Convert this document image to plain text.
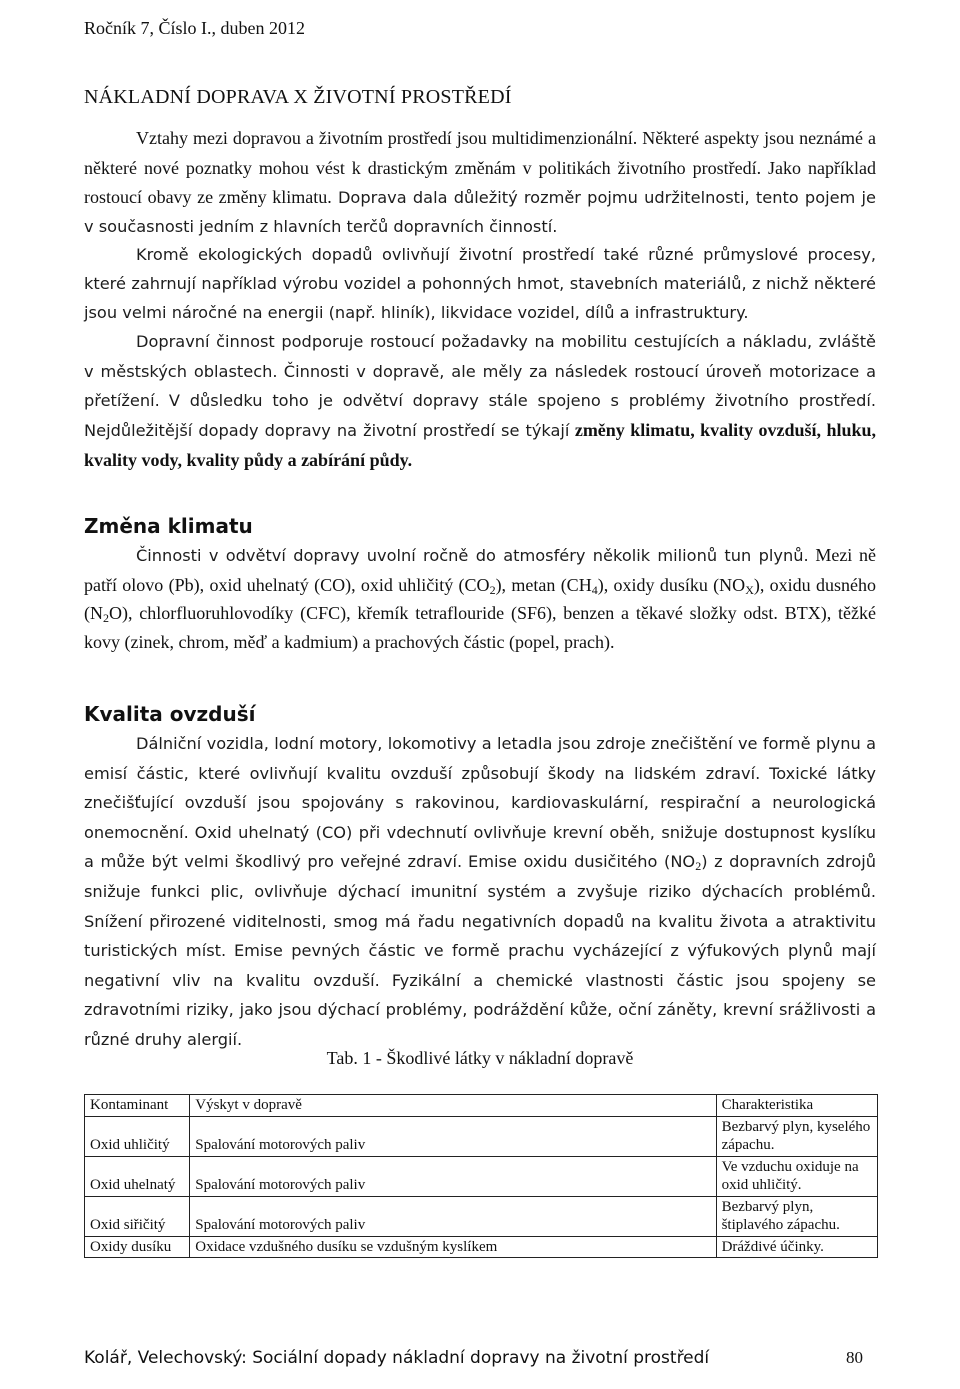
Ročník 7, Číslo I., duben 2012
NÁKLADNÍ DOPRAVA X ŽIVOTNÍ PROSTŘEDÍ

Vztahy mezi dopravou a životním prostředí jsou multidimenzionální. Některé aspekty jsou neznámé a některé nové poznatky mohou vést k drastickým změnám v politikách životního prostředí. Jako například rostoucí obavy ze změny klimatu. Doprava dala důležitý rozměr pojmu udržitelnosti, tento pojem je v současnosti jedním z hlavních terčů dopravních činností.

Kromě ekologických dopadů ovlivňují životní prostředí také různé průmyslové procesy, které zahrnují například výrobu vozidel a pohonných hmot, stavebních materiálů, z nichž některé jsou velmi náročné na energii (např. hliník), likvidace vozidel, dílů a infrastruktury.

Dopravní činnost podporuje rostoucí požadavky na mobilitu cestujících a nákladu, zvláště v městských oblastech. Činnosti v dopravě, ale měly za následek rostoucí úroveň motorizace a přetížení. V důsledku toho je odvětví dopravy stále spojeno s problémy životního prostředí. Nejdůležitější dopady dopravy na životní prostředí se týkají změny klimatu, kvality ovzduší, hluku, kvality vody, kvality půdy a zabírání půdy.

Změna klimatu

Činnosti v odvětví dopravy uvolní ročně do atmosféry několik milionů tun plynů. Mezi ně patří olovo (Pb), oxid uhelnatý (CO), oxid uhličitý $(CO_2)$, metan $(CH_4)$, oxidy dusíku $(NO_X)$, oxidu dusného $(N_2O)$, chlorfluoruhlovodíky (CFC), křemík tetraflouride (SF6), benzen a těkavé složky odst. BTX), těžké kovy (zinek, chrom, měď a kadmium) a prachových částic (popel, prach).

Kvalita ovzduší

Dálniční vozidla, lodní motory, lokomotivy a letadla jsou zdroje znečištění ve formě plynu a emisí částic, které ovlivňují kvalitu ovzduší způsobují škody na lidském zdraví. Toxické látky znečišťující ovzduší jsou spojovány s rakovinou, kardiovaskulární, respirační a neurologická onemocnění. Oxid uhelnatý (CO) při vdechnutí ovlivňuje krevní oběh, snižuje dostupnost kyslíku a může být velmi škodlivý pro veřejné zdraví. Emise oxidu dusičitého $(NO_2)$ z dopravních zdrojů snižuje funkci plic, ovlivňuje dýchací imunitní systém a zvyšuje riziko dýchacích problémů. Snížení přirozené viditelnosti, smog má řadu negativních dopadů na kvalitu života a atraktivitu turistických míst. Emise pevných částic ve formě prachu vycházející z výfukových plynů mají negativní vliv na kvalitu ovzduší. Fyzikální a chemické vlastnosti částic jsou spojeny se zdravotními riziky, jako jsou dýchací problémy, podráždění kůže, oční záněty, krevní srážlivosti a různé druhy alergií.

Tab. 1 - Škodlivé látky v nákladní dopravě
Kontaminant	Výskyt v dopravě	Charakteristika
Oxid uhličitý	Spalování motorových paliv	Bezbarvý plyn, kyselého zápachu.
Oxid uhelnatý	Spalování motorových paliv	Ve vzduchu oxiduje na oxid uhličitý.
Oxid siřičitý	Spalování motorových paliv	Bezbarvý plyn, štiplavého zápachu.
Oxidy dusíku	Oxidace vzdušného dusíku se vzdušným kyslíkem	Dráždivé účinky.
Kolář, Velechovský: Sociální dopady nákladní dopravy na životní prostředí	80
